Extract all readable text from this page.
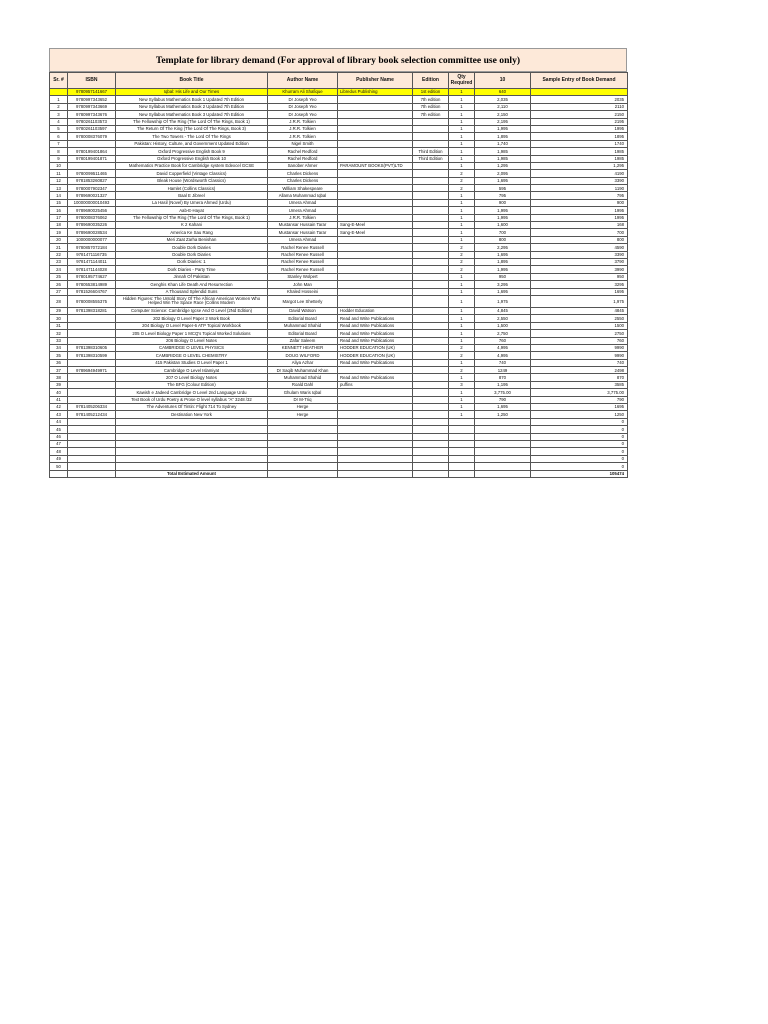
Template for library demand (For approval of library book selection committee use only)
Sr. #	ISBN	Book Title	Author Name	Publisher Name	Edition	Qty Required	10	Sample Entry of Book Demand
	9780957141667	Iqbal: His Life and Our Times	Khurram Ali Shafique	Libredus Publishing	1st edition	1	640	
1	9780997343652	New Syllabus Mathematics Book 1 Updated 7th Edition	Dr Joseph Yeo		7th edition	1	2,035	2035
2	9780997343669	New Syllabus Mathematics Book 2 Updated 7th Edition	Dr Joseph Yeo		7th edition	1	2,110	2110
3	9780997343676	New Syllabus Mathematics Book 3 Updated 7th Edition	Dr Joseph Yeo		7th edition	1	2,150	2150
4	9780261103573	The Fellowship Of The Ring (The Lord Of The Rings, Book 1)	J.R.R. Tolkien			1	2,195	2195
5	9780261103597	The Return Of The King (The Lord Of The Rings, Book 3)	J.R.R. Tolkien			1	1,995	1995
6	9780008376079	The Two Towers - The Lord Of The Rings	J.R.R. Tolkien			1	1,895	1895
7		Pakistan: History, Culture, and Government Updated Edition	Nigel Smith			1	1,740	1740
8	9780199401864	Oxford Progressive English Book 9	Rachel Redford		Third Edition	1	1,985	1985
9	9780199401871	Oxford Progressive English Book 10	Rachel Redford		Third Edition	1	1,985	1985
10		Mathematics Practice Book for Cambridge system Edexcel GCSE	Sanober Ahmer	PARAMOUNT BOOKS(PVT)LTD		1	1,295	1,295
11	9780099511465	David Copperfield (Vintage Classics)	Charles Dickens			2	2,095	4190
12	9781853260827	Bleak House (Wordsworth Classics)	Charles Dickens			2	1,695	3390
13	9780007902347	Hamlet (Collins Classics)	William Shakespeare			2	595	1190
14	9789690021327	Baal E Jibreel	Allama Muhammad Iqbal			1	795	795
15	100000000010493	La Hasil (Novel) By Umera Ahmed (Urdu)	Umera Ahmad			1	900	900
16	9789690025456	Aab-E-Hayat	Umera Ahmad			1	1,995	1995
17	9780008376062	The Fellowship Of The Ring (The Lord Of The Rings, Book 1)	J.R.R. Tolkien			1	1,995	1995
18	9789690035226	K 2 Kahani	Mustansar Hussain Tarar	Sang-E-Meel		1	1,600	168
19	9789690028534	America Ke Sau Rang	Mustansar Hussain Tarar	Sang-E-Meel		1	700	700
20	1000000000077	Meri Zaat Zarha Benishan	Umera Ahmad			1	800	800
21	9780857072184	Double Dork Diaries	Rachel Renee Russell			2	2,295	4590
22	9781471116735	Double Dork Diaries	Rachel Renee Russell			2	1,695	3390
23	9781471144011	Dork Diaries: 1	Rachel Renee Russell			2	1,895	3790
24	9781471144028	Dork Diaries - Party Time	Rachel Renee Russell			2	1,995	3990
25	9780195774627	Jinnah Of Pakistan	Stanley Wolpert			1	950	950
26	9780553814989	Genghis Khan Life Death And Resurrection	John Man			1	3,295	3295
27	9781526604767	A Thousand Splendid Suns	Khaled Hosseini			1	1,695	1695
28	9780008555375	Hidden Figures: The Untold Story Of The African American Women Who Helped Win The Space Race (Collins Modern	Margot Lee Shetterly			1	1,975	1,975
29	9781398318281	Computer Science: Cambridge Igcse And O Level (2Nd Edition)	David Watson	Hodder Education		1	4,845	4845
30		202 Biology O Level Paper 2 Work Book	Editorial Board	Read and Write Publications		1	2,550	2550
31		204 Biology O Level Paper-6 ATP Topical Workbook	Muhammad Shahid	Read and Write Publications		1	1,500	1500
32		205 O Level Biology Paper 1 MCQ's Topical Worked Solutions	Editorial Board	Read and Write Publications		1	2,750	2750
33		206 Biology O Level Notes	Zafar Saleem	Read and Write Publications		1	760	760
34	9781398310605	CAMBRIDGE O LEVEL PHYSICS	KENNETT HEATHER	HODDER EDUCATION (UK)		2	4,995	9990
35	9781398310599	CAMBRIDGE O LEVEL CHEMISTRY	DOUG WILFORD	HODDER EDUCATION (UK)		2	4,995	9990
36		415 Pakistan Studies O Level Paper 1	Aliya Azhar	Read and Write Publications		1	740	740
37	9789694949971	Cambridge O Level Islamiyat	Dr Saqib Muhammad Khan			2	1249	2498
38		207 O Level Biology Notes	Muhammad Shahid	Read and Write Publications		1	870	870
39		The BFG (Colour Edition)	Roald Dahl	puffins		3	1,195	3585
40		Kawish e Jadeed Cambridge O Level 2nd Language Urdu	Ghulam Waris Iqbal			1	3,775.00	3,775.00
41		Text Book of Urdu Poetry & Prose O level syllabus "A" 3248 /32	Dr M-Triq			1	790	790
42	9781405206334	The Adventures Of Tintin: Flight 714 To Sydney	Herge			1	1,695	1695
43	9781405212434	Destination New York	Herge			1	1,250	1250
44								0
45								0
46								0
47								0
48								0
49								0
50								0
		Total Estimated Amount						105474
